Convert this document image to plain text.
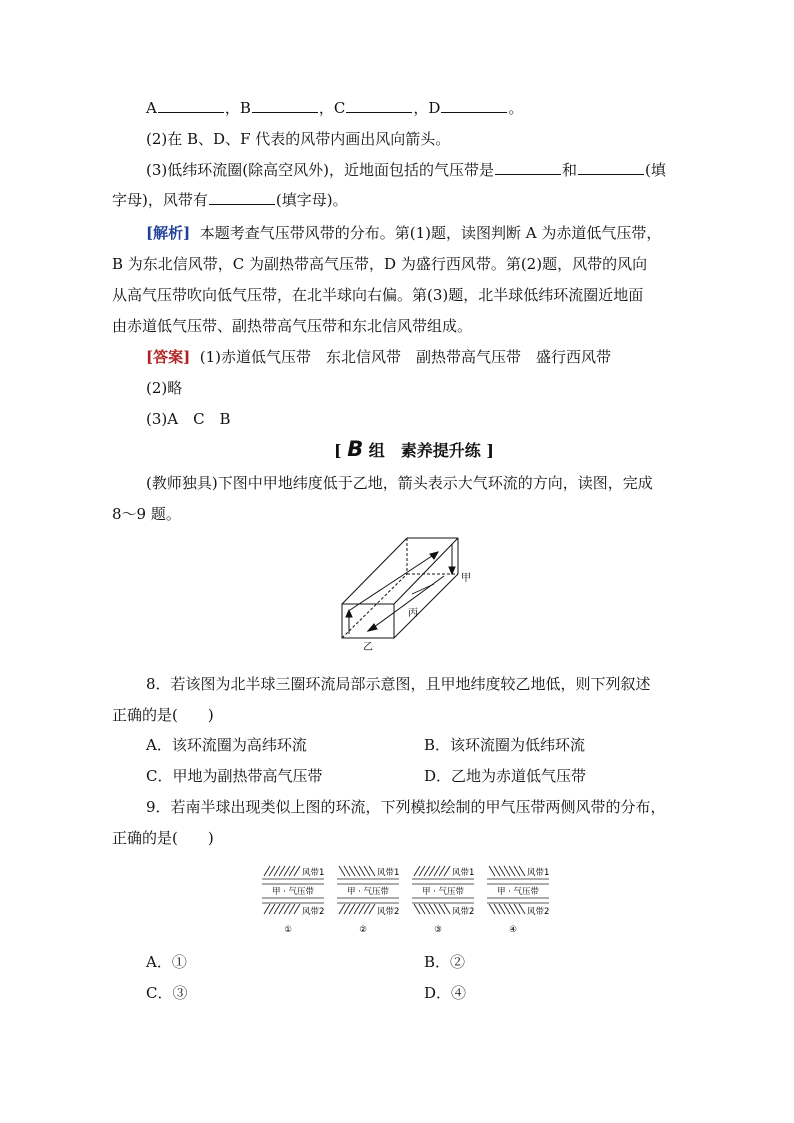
A	，B	，C	，D	。
(2)在 B、D、F 代表的风带内画出风向箭头。
(3)低纬环流圈(除高空风外)，近地面包括的气压带是	和	(填
字母)，风带有	(填字母)。
[解析] 本题考查气压带风带的分布。第(1)题，读图判断 A 为赤道低气压带，
B 为东北信风带，C 为副热带高气压带，D 为盛行西风带。第(2)题，风带的风向
从高气压带吹向低气压带，在北半球向右偏。第(3)题，北半球低纬环流圈近地面
由赤道低气压带、副热带高气压带和东北信风带组成。
[答案] (1)赤道低气压带　东北信风带　副热带高气压带　盛行西风带
(2)略
(3)A　C　B
[ B 组　素养提升练 ]
(教师独具)下图中甲地纬度低于乙地，箭头表示大气环流的方向，读图，完成
8～9 题。
甲
乙
丙
8．若该图为北半球三圈环流局部示意图，且甲地纬度较乙地低，则下列叙述
正确的是(　　)
A．该环流圈为高纬环流	B．该环流圈为低纬环流
C．甲地为副热带高气压带	D．乙地为赤道低气压带
9．若南半球出现类似上图的环流，下列模拟绘制的甲气压带两侧风带的分布，
正确的是(　　)
风带1
甲 · 气压带
风带2
①
风带1
甲 · 气压带
风带2
②
风带1
甲 · 气压带
风带2
③
风带1
甲 · 气压带
风带2
④
A．①	B．②
C．③	D．④
